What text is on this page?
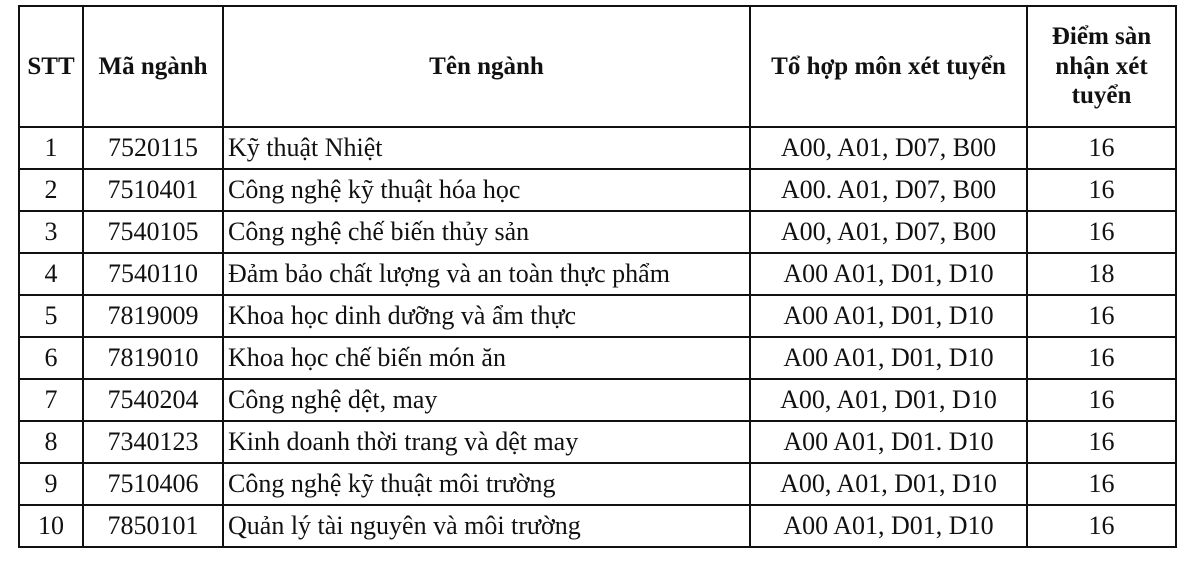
STT	Mã ngành	Tên ngành	Tổ hợp môn xét tuyển	Điểm sàn nhận xét tuyển
1	7520115	Kỹ thuật Nhiệt	A00, A01, D07, B00	16
2	7510401	Công nghệ kỹ thuật hóa học	A00. A01, D07, B00	16
3	7540105	Công nghệ chế biến thủy sản	A00, A01, D07, B00	16
4	7540110	Đảm bảo chất lượng và an toàn thực phẩm	A00 A01, D01, D10	18
5	7819009	Khoa học dinh dưỡng và ẩm thực	A00 A01, D01, D10	16
6	7819010	Khoa học chế biến món ăn	A00 A01, D01, D10	16
7	7540204	Công nghệ dệt, may	A00, A01, D01, D10	16
8	7340123	Kinh doanh thời trang và dệt may	A00 A01, D01. D10	16
9	7510406	Công nghệ kỹ thuật môi trường	A00, A01, D01, D10	16
10	7850101	Quản lý tài nguyên và môi trường	A00 A01, D01, D10	16
